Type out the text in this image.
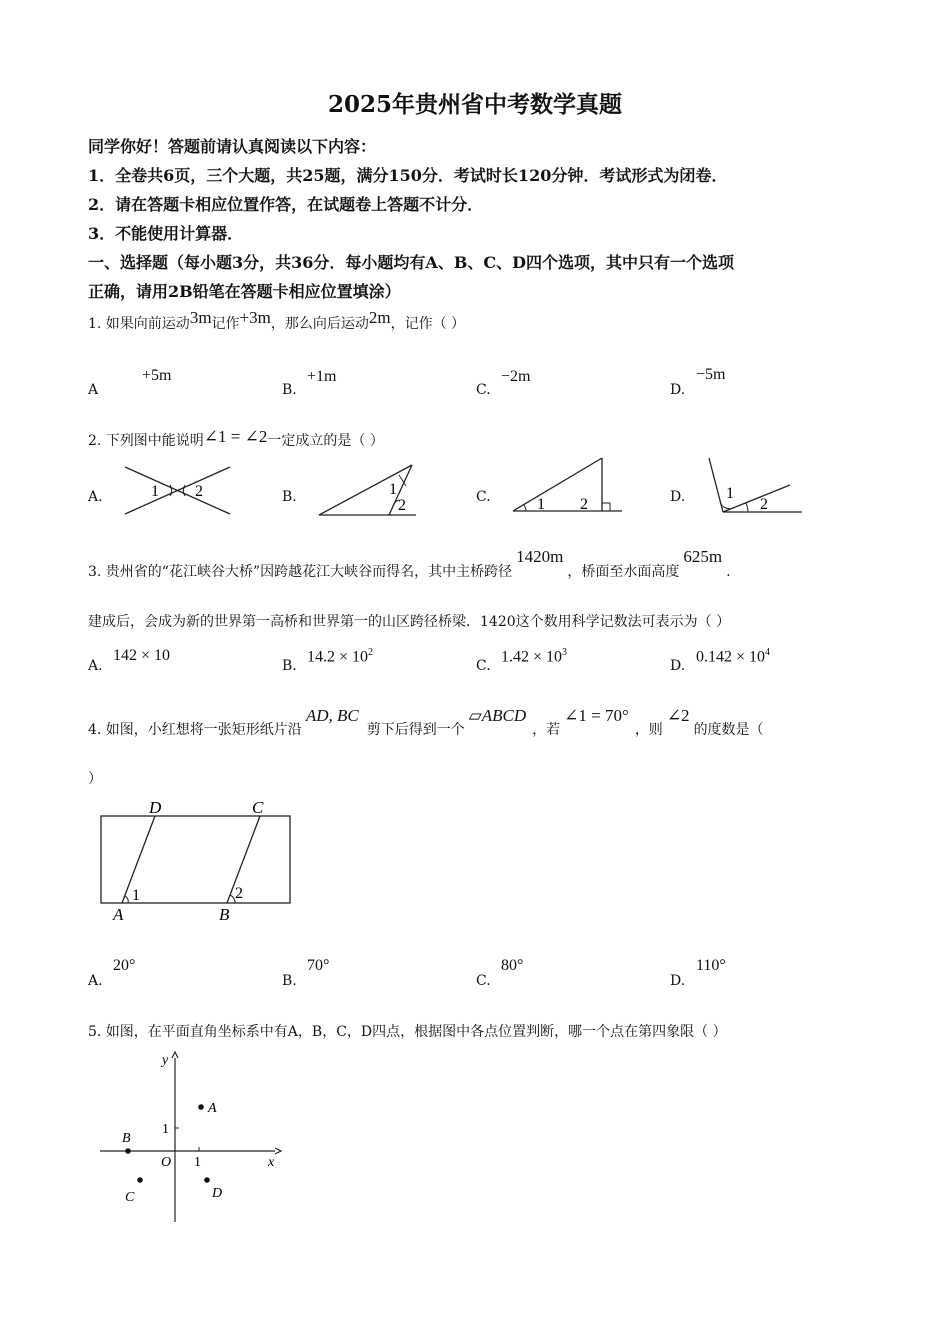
2025年贵州省中考数学真题
同学你好！答题前请认真阅读以下内容：
1．全卷共6页，三个大题，共25题，满分150分．考试时长120分钟．考试形式为闭卷．
2．请在答题卡相应位置作答，在试题卷上答题不计分．
3．不能使用计算器．
一、选择题（每小题3分，共36分．每小题均有A、B、C、D四个选项，其中只有一个选项
正确，请用2B铅笔在答题卡相应位置填涂）
1. 如果向前运动3m记作+3m，那么向后运动2m，记作（ ）
A
+5m
B.
+1m
C.
−2m
D.
−5m
2. 下列图中能说明∠1 = ∠2一定成立的是（ ）
A.	B.	C.	D.
1 2	1
2	1 2
1
2
3. 贵州省的“花江峡谷大桥”因跨越花江大峡谷而得名，其中主桥跨径1420m，桥面至水面高度625m.
建成后，会成为新的世界第一高桥和世界第一的山区跨径桥梁．1420这个数用科学记数法可表示为（ ）
A.
142 × 10
B.
$14.2 \times 10^2$
C.
$1.42 \times 10^3$
D.
$0.142 \times 10^4$
4. 如图，小红想将一张矩形纸片沿AD, BC剪下后得到一个▱ABCD，若∠1 = 70°，则∠2的度数是（
）
D	C
A	B
1	2
A.
20°
B.
70°
C.
80°
D.
110°
5. 如图，在平面直角坐标系中有A，B，C，D四点，根据图中各点位置判断，哪一个点在第四象限（ ）
y
x
O 1
1
A
B
C	D
